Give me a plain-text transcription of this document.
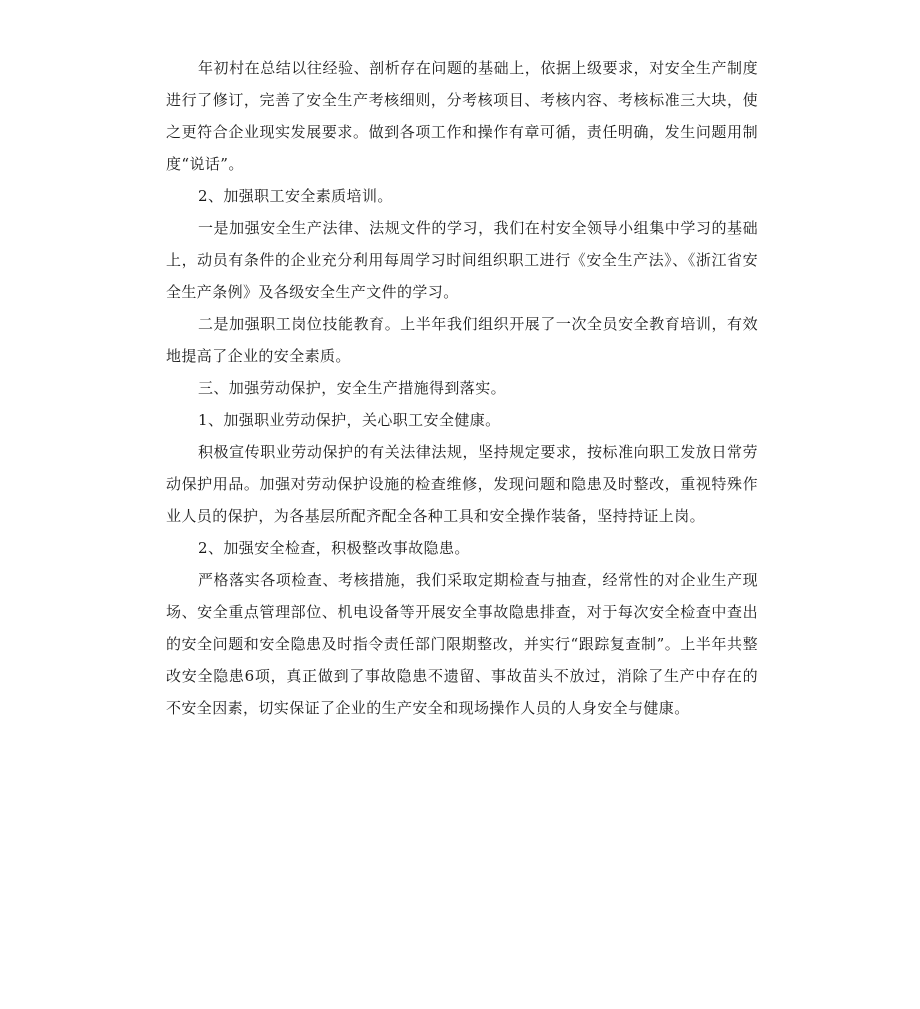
年初村在总结以往经验、剖析存在问题的基础上，依据上级要求，对安全生产制度进行了修订，完善了安全生产考核细则，分考核项目、考核内容、考核标准三大块，使之更符合企业现实发展要求。做到各项工作和操作有章可循，责任明确，发生问题用制度“说话”。

2、加强职工安全素质培训。

一是加强安全生产法律、法规文件的学习，我们在村安全领导小组集中学习的基础上，动员有条件的企业充分利用每周学习时间组织职工进行《安全生产法》、《浙江省安全生产条例》及各级安全生产文件的学习。

二是加强职工岗位技能教育。上半年我们组织开展了一次全员安全教育培训，有效地提高了企业的安全素质。

三、加强劳动保护，安全生产措施得到落实。

1、加强职业劳动保护，关心职工安全健康。

积极宣传职业劳动保护的有关法律法规，坚持规定要求，按标准向职工发放日常劳动保护用品。加强对劳动保护设施的检查维修，发现问题和隐患及时整改，重视特殊作业人员的保护，为各基层所配齐配全各种工具和安全操作装备，坚持持证上岗。

2、加强安全检查，积极整改事故隐患。

严格落实各项检查、考核措施，我们采取定期检查与抽查，经常性的对企业生产现场、安全重点管理部位、机电设备等开展安全事故隐患排查，对于每次安全检查中查出的安全问题和安全隐患及时指令责任部门限期整改，并实行“跟踪复查制”。上半年共整改安全隐患6项，真正做到了事故隐患不遗留、事故苗头不放过，消除了生产中存在的不安全因素，切实保证了企业的生产安全和现场操作人员的人身安全与健康。
